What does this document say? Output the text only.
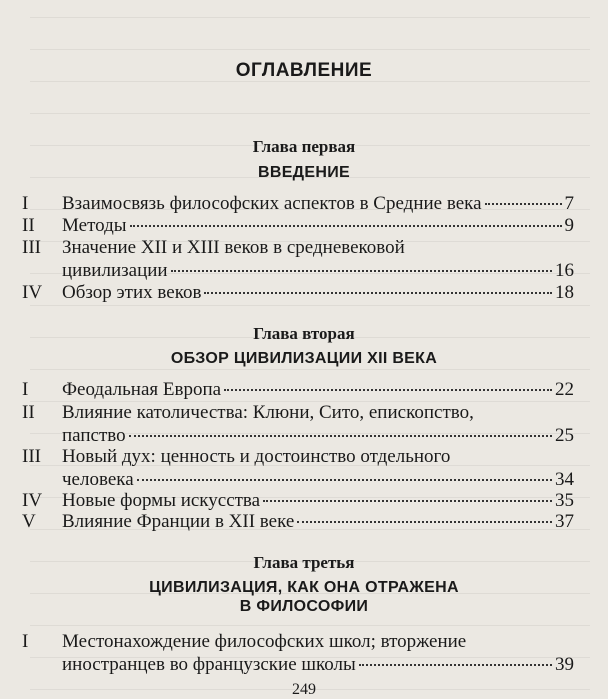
ОГЛАВЛЕНИЕ
Глава первая
ВВЕДЕНИЕ
I Взаимосвязь философских аспектов в Средние века	7
II Методы	9
III Значение XII и XIII веков в средневековой
цивилизации	16
IV Обзор этих веков	18
Глава вторая
ОБЗОР ЦИВИЛИЗАЦИИ XII ВЕКА
I Феодальная Европа	22
II Влияние католичества: Клюни, Сито, епископство,
папство	25
III Новый дух: ценность и достоинство отдельного
человека	34
IV Новые формы искусства	35
V Влияние Франции в XII веке	37
Глава третья
ЦИВИЛИЗАЦИЯ, КАК ОНА ОТРАЖЕНА
В ФИЛОСОФИИ
I Местонахождение философских школ; вторжение
иностранцев во французские школы	39
249
